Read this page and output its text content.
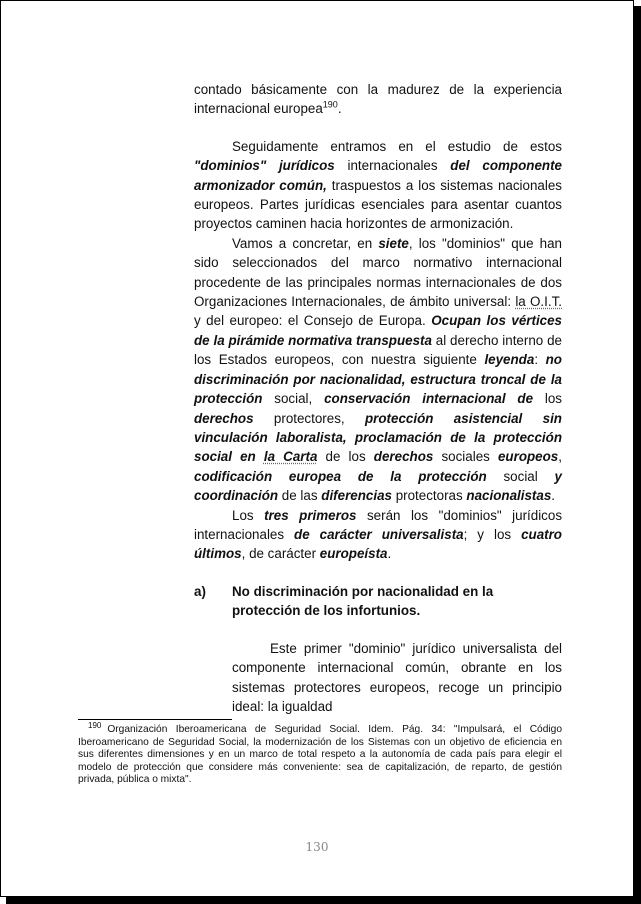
contado básicamente con la madurez de la experiencia internacional europea$^{190}$.

Seguidamente entramos en el estudio de estos "dominios" jurídicos internacionales del componente armonizador común, traspuestos a los sistemas nacionales europeos. Partes jurídicas esenciales para asentar cuantos proyectos caminen hacia horizontes de armonización.

Vamos a concretar, en siete, los "dominios" que han sido seleccionados del marco normativo internacional procedente de las principales normas internacionales de dos Organizaciones Internacionales, de ámbito universal: la O.I.T. y del europeo: el Consejo de Europa. Ocupan los vértices de la pirámide normativa transpuesta al derecho interno de los Estados europeos, con nuestra siguiente leyenda: no discriminación por nacionalidad, estructura troncal de la protección social, conservación internacional de los derechos protectores, protección asistencial sin vinculación laboralista, proclamación de la protección social en la Carta de los derechos sociales europeos, codificación europea de la protección social y coordinación de las diferencias protectoras nacionalistas.

Los tres primeros serán los "dominios" jurídicos internacionales de carácter universalista; y los cuatro últimos, de carácter europeísta.

a) No discriminación por nacionalidad en la protección de los infortunios.

Este primer "dominio" jurídico universalista del componente internacional común, obrante en los sistemas protectores europeos, recoge un principio ideal: la igualdad

$^{190}$ Organización Iberoamericana de Seguridad Social. Idem. Pág. 34: "Impulsará, el Código Iberoamericano de Seguridad Social, la modernización de los Sistemas con un objetivo de eficiencia en sus diferentes dimensiones y en un marco de total respeto a la autonomía de cada país para elegir el modelo de protección que considere más conveniente: sea de capitalización, de reparto, de gestión privada, pública o mixta".
130
